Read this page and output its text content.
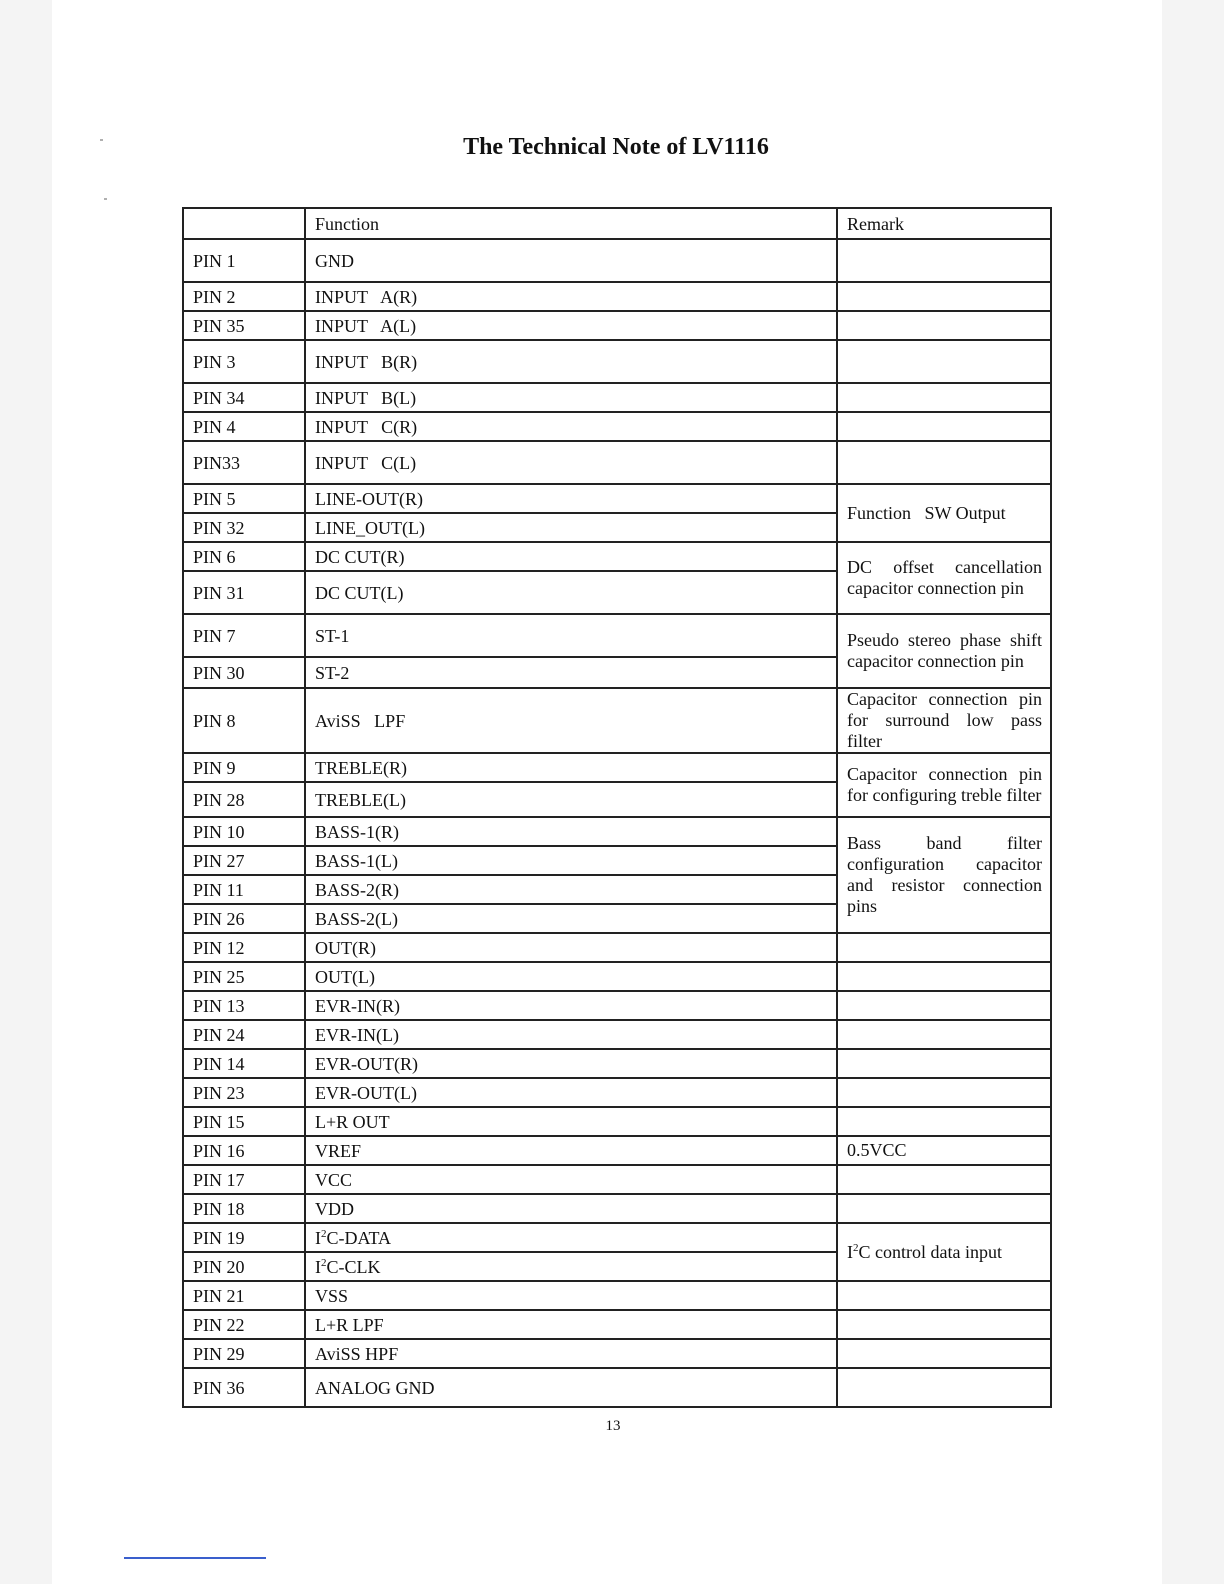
The Technical Note of LV1116
	Function	Remark
PIN 1	GND	
PIN 2	INPUT   A(R)	
PIN 35	INPUT   A(L)	
PIN 3	INPUT   B(R)	
PIN 34	INPUT   B(L)	
PIN 4	INPUT   C(R)	
PIN33	INPUT   C(L)	
PIN 5	LINE-OUT(R)	Function   SW Output
PIN 32	LINE_OUT(L)	
PIN 6	DC CUT(R)	DC offset cancellation capacitor connection pin
PIN 31	DC CUT(L)	
PIN 7	ST-1	Pseudo stereo phase shift capacitor connection pin
PIN 30	ST-2	
PIN 8	AviSS   LPF	Capacitor connection pin for surround low pass filter
PIN 9	TREBLE(R)	Capacitor connection pin for configuring treble filter
PIN 28	TREBLE(L)	
PIN 10	BASS-1(R)	Bass band filter configuration capacitor and resistor connection pins
PIN 27	BASS-1(L)	
PIN 11	BASS-2(R)	
PIN 26	BASS-2(L)	
PIN 12	OUT(R)	
PIN 25	OUT(L)	
PIN 13	EVR-IN(R)	
PIN 24	EVR-IN(L)	
PIN 14	EVR-OUT(R)	
PIN 23	EVR-OUT(L)	
PIN 15	L+R OUT	
PIN 16	VREF	0.5VCC
PIN 17	VCC	
PIN 18	VDD	
PIN 19	$I^2C$-DATA	$I^2C$ control data input
PIN 20	$I^2C$-CLK	
PIN 21	VSS	
PIN 22	L+R LPF	
PIN 29	AviSS HPF	
PIN 36	ANALOG GND	
13
